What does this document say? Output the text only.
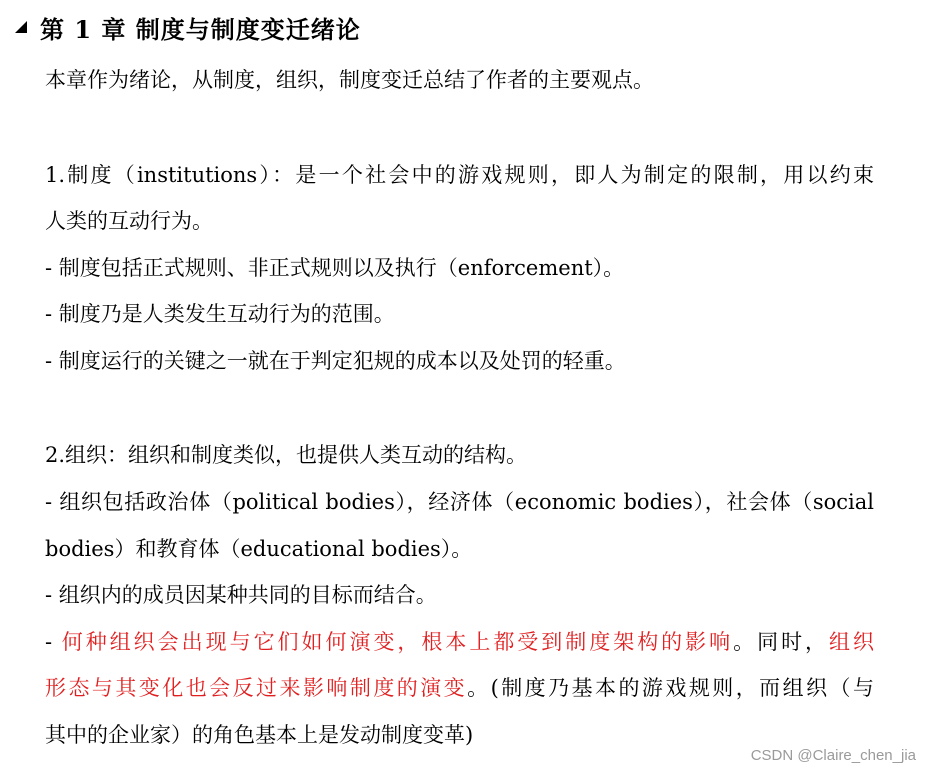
第 1 章 制度与制度变迁绪论
本章作为绪论，从制度，组织，制度变迁总结了作者的主要观点。
1.制度（institutions）：是一个社会中的游戏规则，即人为制定的限制，用以约束
人类的互动行为。
- 制度包括正式规则、非正式规则以及执行（enforcement）。
- 制度乃是人类发生互动行为的范围。
- 制度运行的关键之一就在于判定犯规的成本以及处罚的轻重。
2.组织：组织和制度类似，也提供人类互动的结构。
- 组织包括政治体（political bodies），经济体（economic bodies），社会体（social
bodies）和教育体（educational bodies）。
- 组织内的成员因某种共同的目标而结合。
- 何种组织会出现与它们如何演变，根本上都受到制度架构的影响。同时，组织
形态与其变化也会反过来影响制度的演变。(制度乃基本的游戏规则，而组织（与
其中的企业家）的角色基本上是发动制度变革)
CSDN @Claire_chen_jia
